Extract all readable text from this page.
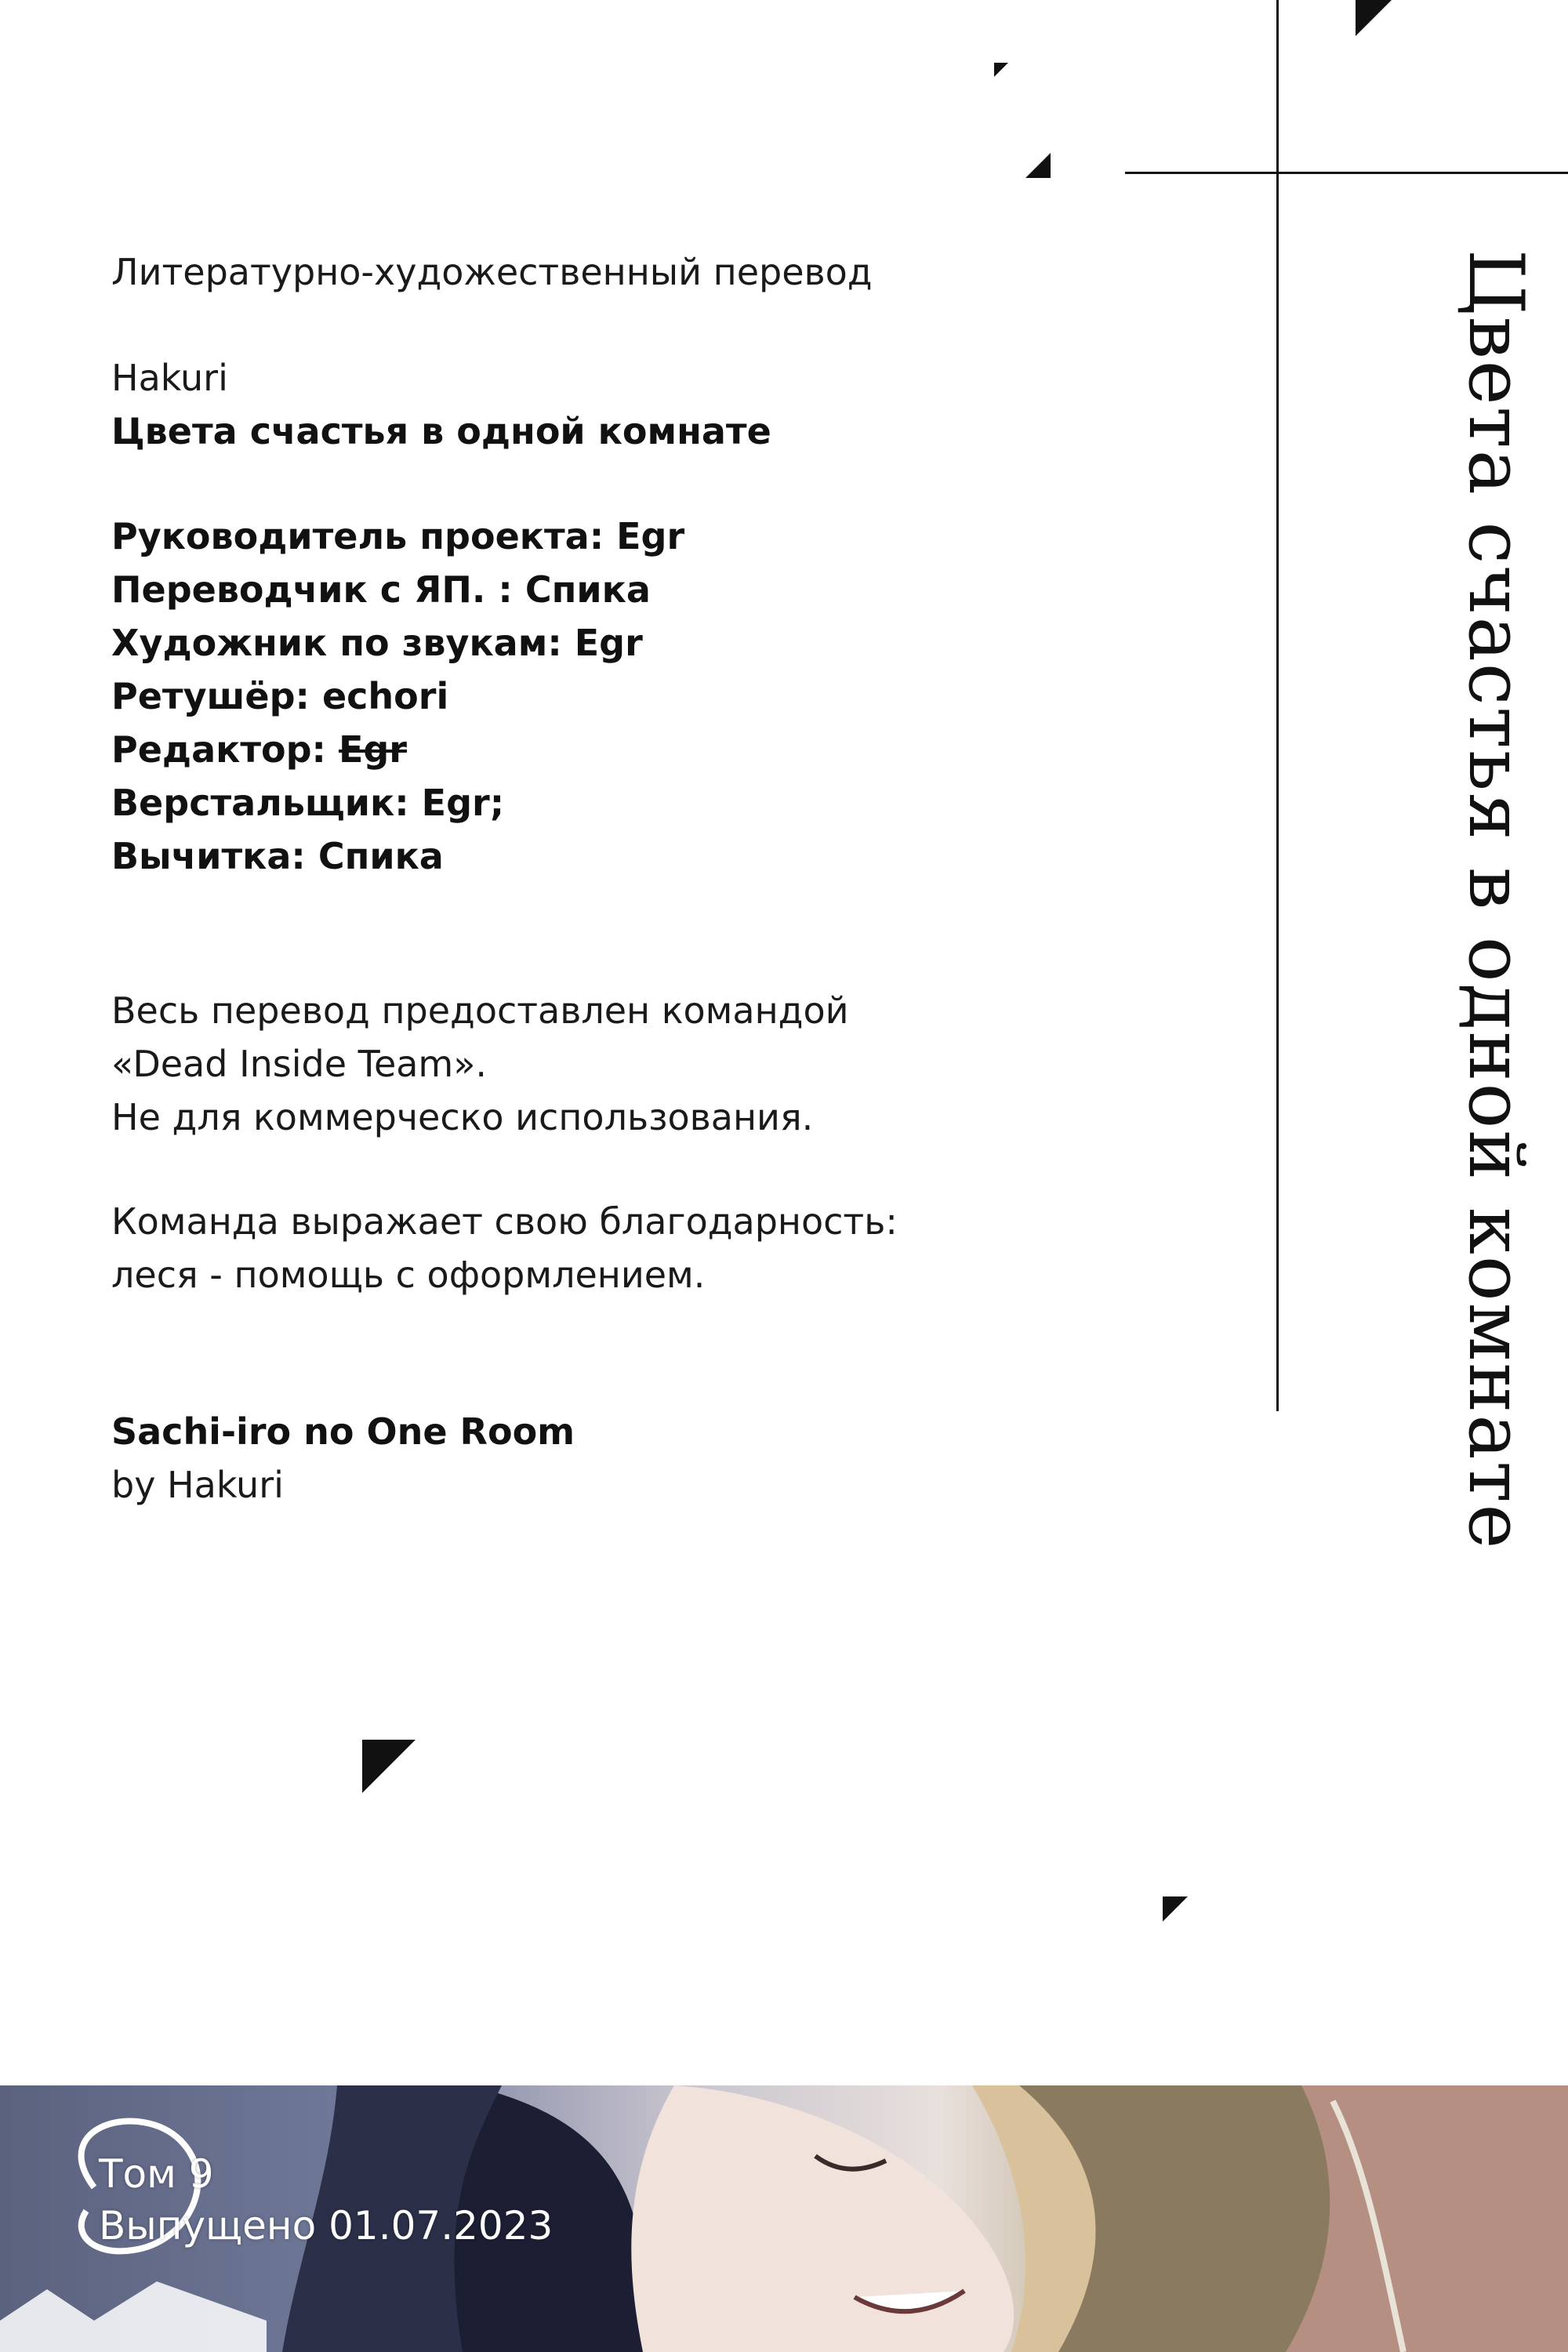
Цвета счастья в одной комнате
Литературно-художественный перевод
Hakuri
Цвета счастья в одной комнате
Руководитель проекта: Egr
Переводчик с ЯП. : Спика
Художник по звукам: Egr
Ретушёр: echori
Редактор: Egr
Верстальщик: Egr;
Вычитка: Спика
Весь перевод предоставлен командой
«Dead Inside Team».
Не для коммерческо использования.
Команда выражает свою благодарность:
леся - помощь с оформлением.
Sachi-iro no One Room
by Hakuri
Том 9
Выпущено 01.07.2023
